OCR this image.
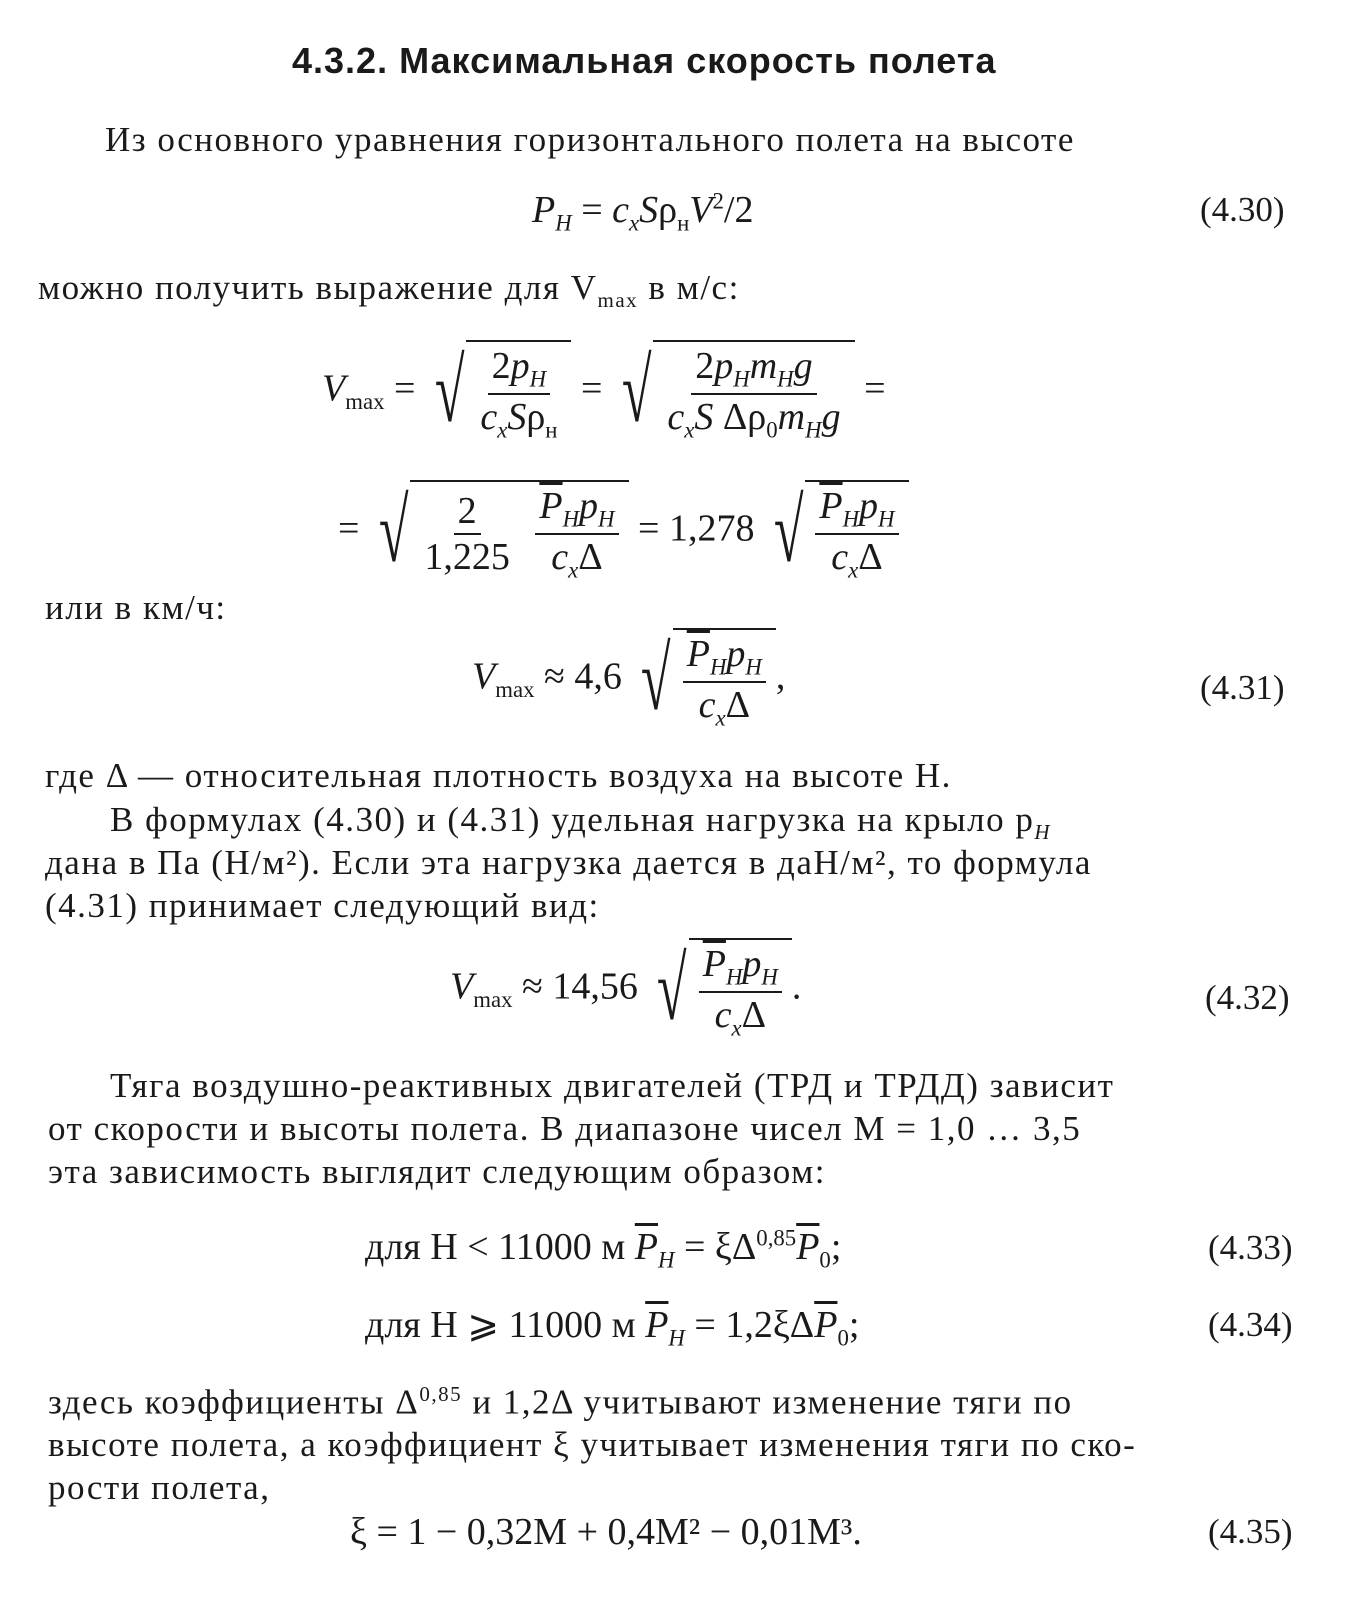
4.3.2. Максимальная скорость полета
Из основного уравнения горизонтального полета на высоте
$P_H = c_xS\rho_нV^2/2$	(4.30)
можно получить выражение для $V_{max}$ в м/с:
$V_{max}$ = √ $\frac{2p_H}{c_xS\rho_н}$ = √ $\frac{2p_Hm_Hg}{c_xS \Delta\rho_0m_Hg}$ =
= √ $\frac{2}{1,225}$
$\frac{\overline{P}_Hp_H}{c_x\Delta} = 1,278$ √ $\frac{P_Hp_H}{c_x\Delta}$
или в км/ч:
$V_{max} \approx 4,6$ √ $\frac{P_Hp_H}{c_x\Delta}$ ,	(4.31)
где Δ — относительная плотность воздуха на высоте H.
В формулах (4.30) и (4.31) удельная нагрузка на крыло $p_H$
дана в Па (Н/м²). Если эта нагрузка дается в даН/м², то формула
(4.31) принимает следующий вид:
$V_{max} \approx 14,56$ √ $\frac{P_Hp_H}{c_x\Delta}$ .	(4.32)
Тяга воздушно-реактивных двигателей (ТРД и ТРДД) зависит
от скорости и высоты полета. В диапазоне чисел M = 1,0 … 3,5
эта зависимость выглядит следующим образом:
для H < 11000 м $\overline{P}_H = \xi\Delta^{0,85}\overline{P}_0$;	(4.33)
для H ⩾ 11000 м $\overline{P}_H = 1,2\xi\Delta\overline{P}_0$;	(4.34)
здесь коэффициенты Δ$^{0,85}$ и 1,2Δ учитывают изменение тяги по
высоте полета, а коэффициент ξ учитывает изменения тяги по ско-
рости полета,
ξ = 1 − 0,32M + 0,4M² − 0,01M³.	(4.35)
